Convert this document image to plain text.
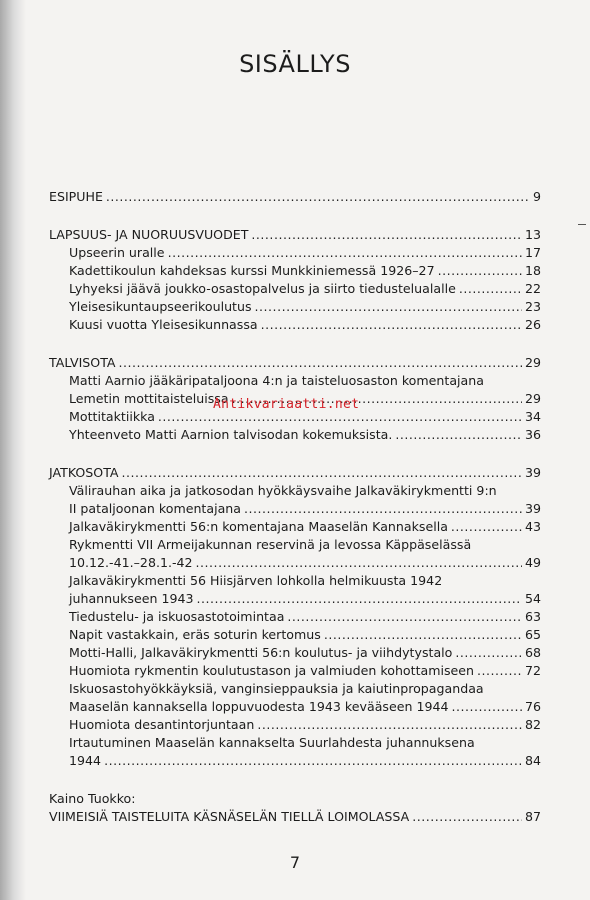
SISÄLLYS
ESIPUHE .....	9
LAPSUUS- JA NUORUUSVUODET .....	13
Upseerin uralle .....	17
Kadettikoulun kahdeksas kurssi Munkkiniemessä 1926–27 .....	18
Lyhyeksi jäävä joukko-osastopalvelus ja siirto tiedustelualalle .....	22
Yleisesikuntaupseerikoulutus .....	23
Kuusi vuotta Yleisesikunnassa .....	26
TALVISOTA .....	29
Matti Aarnio jääkäripataljoona 4:n ja taisteluosaston komentajana
Lemetin mottitaisteluissa .....	29
Mottitaktiikka .....	34
Yhteenveto Matti Aarnion talvisodan kokemuksista. .....	36
JATKOSOTA .....	39
Välirauhan aika ja jatkosodan hyökkäysvaihe Jalkaväkirykmentti 9:n
II pataljoonan komentajana .....	39
Jalkaväkirykmentti 56:n komentajana Maaselän Kannaksella .....	43
Rykmentti VII Armeijakunnan reservinä ja levossa Käppäselässä
10.12.-41.–28.1.-42 .....	49
Jalkaväkirykmentti 56 Hiisjärven lohkolla helmikuusta 1942
juhannukseen 1943 .....	54
Tiedustelu- ja iskuosastotoimintaa .....	63
Napit vastakkain, eräs soturin kertomus .....	65
Motti-Halli, Jalkaväkirykmentti 56:n koulutus- ja viihdytystalo .....	68
Huomiota rykmentin koulutustason ja valmiuden kohottamiseen .....	72
Iskuosastohyökkäyksiä, vanginsieppauksia ja kaiutinpropagandaa
Maaselän kannaksella loppuvuodesta 1943 kevääseen 1944 .....	76
Huomiota desantintorjuntaan .....	82
Irtautuminen Maaselän kannakselta Suurlahdesta juhannuksena
1944 .....	84
Kaino Tuokko:
VIIMEISIÄ TAISTELUITA KÄSNÄSELÄN TIELLÄ LOIMOLASSA .....	87
Antikvariaatti.net
7
